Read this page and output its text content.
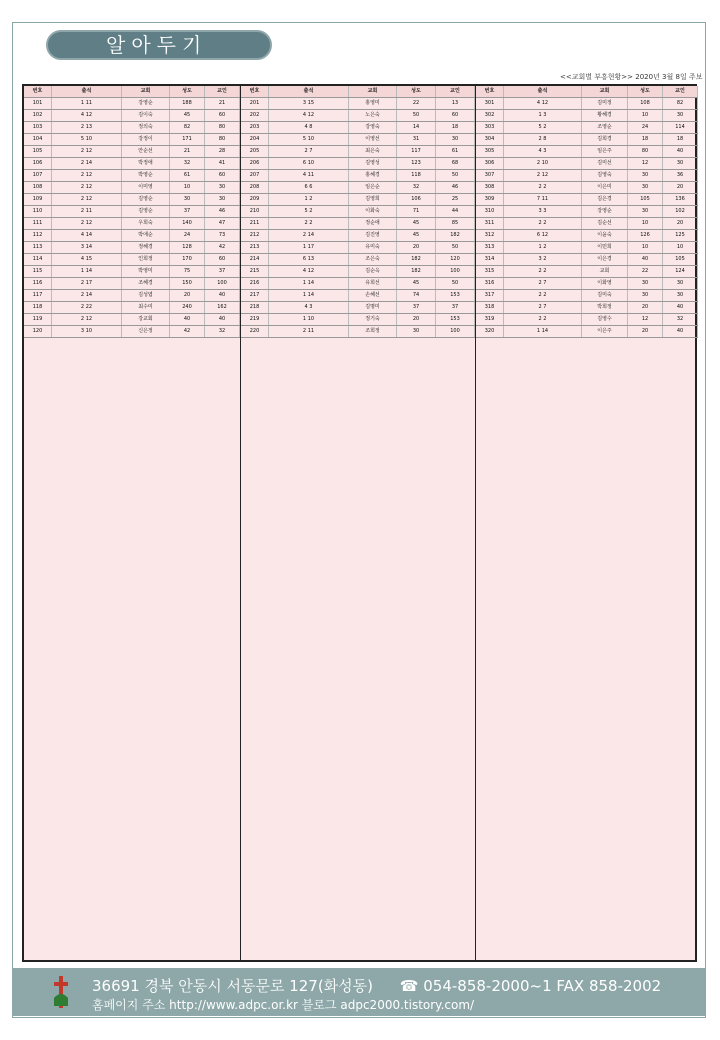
알아두기
<<교회별 부흥현황>> 2020년 3월 8일 주보
번호	출석	교회	성도	교인
101	1 11	강영순	188	21
102	4 12	김이숙	45	60
103	2 13	정의숙	82	80
104	5 10	강정이	171	80
105	2 12	안순선	21	28
106	2 14	박정애	32	41
107	2 12	박영순	61	60
108	2 12	이미영	10	30
109	2 12	김영순	30	30
110	2 11	김영순	37	46
111	2 12	우희숙	140	47
112	4 14	박애순	24	73
113	3 14	정혜경	128	42
114	4 15	인희정	170	60
115	1 14	박영미	75	37
116	2 17	조혜경	150	100
117	2 14	김성엽	20	40
118	2 22	최수미	240	162
119	2 12	강교회	40	40
120	3 10	신은정	42	32
번호	출석	교회	성도	교인
201	3 15	홍영미	22	13
202	4 12	노은숙	50	60
203	4 8	강영숙	14	18
204	5 10	이영선	31	30
205	2 7	최은숙	117	61
206	6 10	김영성	123	68
207	4 11	홍혜경	118	50
208	6 6	임은순	32	46
209	1 2	김영희	106	25
210	5 2	이화숙	71	44
211	2 2	정순애	45	85
212	2 14	김진영	45	182
213	1 17	유미숙	20	50
214	6 13	조은숙	182	120
215	4 12	김순옥	182	100
216	1 14	유희선	45	50
217	1 14	손혜선	74	153
218	4 3	김명미	37	37
219	1 10	정기숙	20	153
220	2 11	조희정	30	100
번호	출석	교회	성도	교인
301	4 12	김미정	108	82
302	1 3	황혜경	10	30
303	5 2	조영순	24	114
304	2 8	김희경	18	18
305	4 3	임은주	80	40
306	2 10	김미선	12	30
307	2 12	김영숙	30	36
308	2 2	이은미	30	20
309	7 11	김은경	105	136
310	3 3	강영순	30	102
311	2 2	김순선	10	20
312	6 12	이윤숙	126	125
313	1 2	이민희	10	10
314	3 2	이은경	40	105
315	2 2	교회	22	124
316	2 7	이화영	30	30
317	2 2	김미숙	30	30
318	2 7	박희정	20	40
319	2 2	김영수	12	32
320	1 14	이은주	20	40
36691 경북 안동시 서동문로 127(화성동) ☎ 054-858-2000~1 FAX 858-2002
홈페이지 주소 http://www.adpc.or.kr 블로그 adpc2000.tistory.com/
